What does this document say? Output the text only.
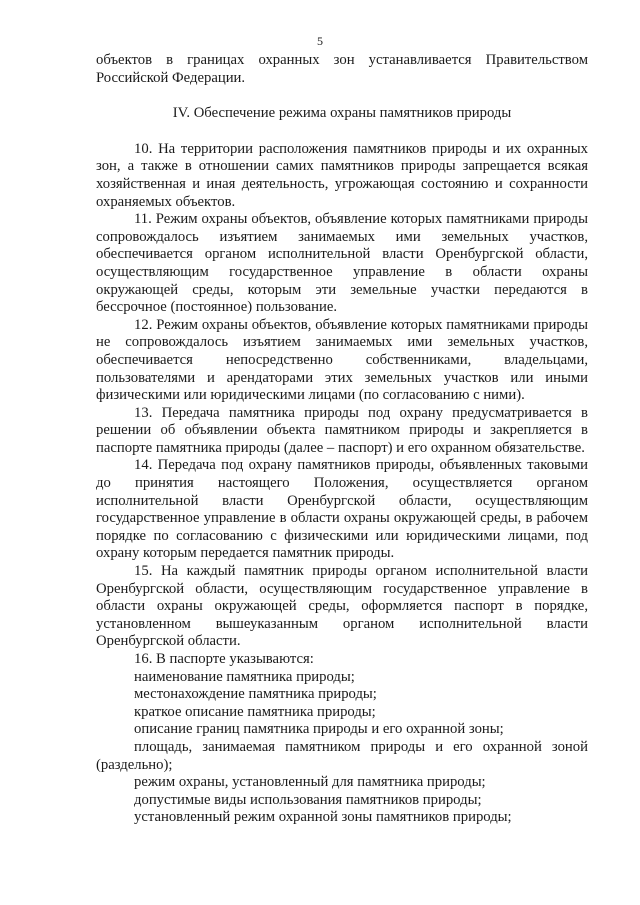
5

объектов в границах охранных зон устанавливается Правительством Российской Федерации.

IV. Обеспечение режима охраны памятников природы

10. На территории расположения памятников природы и их охранных зон, а также в отношении самих памятников природы запрещается всякая хозяйственная и иная деятельность, угрожающая состоянию и сохранности охраняемых объектов.

11. Режим охраны объектов, объявление которых памятниками природы сопровождалось изъятием занимаемых ими земельных участков, обеспечивается органом исполнительной власти Оренбургской области, осуществляющим государственное управление в области охраны окружающей среды, которым эти земельные участки передаются в бессрочное (постоянное) пользование.

12. Режим охраны объектов, объявление которых памятниками природы не сопровождалось изъятием занимаемых ими земельных участков, обеспечивается непосредственно собственниками, владельцами, пользователями и арендаторами этих земельных участков или иными физическими или юридическими лицами (по согласованию с ними).

13. Передача памятника природы под охрану предусматривается в решении об объявлении объекта памятником природы и закрепляется в паспорте памятника природы (далее – паспорт) и его охранном обязательстве.

14. Передача под охрану памятников природы, объявленных таковыми до принятия настоящего Положения, осуществляется органом исполнительной власти Оренбургской области, осуществляющим государственное управление в области охраны окружающей среды, в рабочем порядке по согласованию с физическими или юридическими лицами, под охрану которым передается памятник природы.

15. На каждый памятник природы органом исполнительной власти Оренбургской области, осуществляющим государственное управление в области охраны окружающей среды, оформляется паспорт в порядке, установленном вышеуказанным органом исполнительной власти Оренбургской области.

16. В паспорте указываются:

наименование памятника природы;

местонахождение памятника природы;

краткое описание памятника природы;

описание границ памятника природы и его охранной зоны;

площадь, занимаемая памятником природы и его охранной зоной (раздельно);

режим охраны, установленный для памятника природы;

допустимые виды использования памятников природы;

установленный режим охранной зоны памятников природы;
